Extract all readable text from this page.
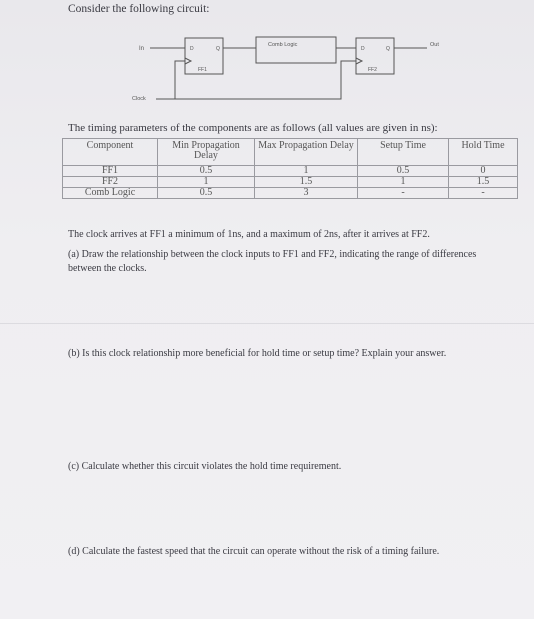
Consider the following circuit:
In	D	Q
FF1
Comb Logic
D	Q
FF2
Out
Clock
The timing parameters of the components are as follows (all values are given in ns):
Component	Min Propagation Delay	Max Propagation Delay	Setup Time	Hold Time
FF1	0.5	1	0.5	0
FF2	1	1.5	1	1.5
Comb Logic	0.5	3	-	-
The clock arrives at FF1 a minimum of 1ns, and a maximum of 2ns, after it arrives at FF2.
(a) Draw the relationship between the clock inputs to FF1 and FF2, indicating the range of differences between the clocks.
(b) Is this clock relationship more beneficial for hold time or setup time? Explain your answer.
(c) Calculate whether this circuit violates the hold time requirement.
(d) Calculate the fastest speed that the circuit can operate without the risk of a timing failure.
